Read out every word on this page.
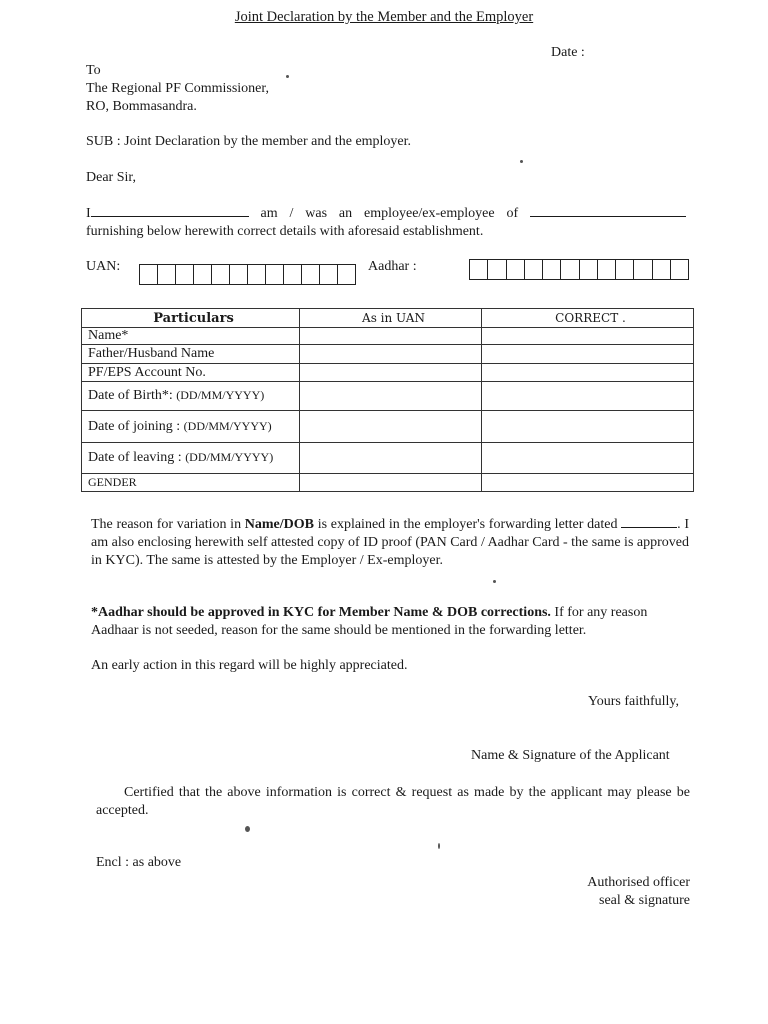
Joint Declaration by the Member and the Employer
Date :
To
The Regional PF Commissioner,
RO, Bommasandra.
SUB : Joint Declaration by the member and the employer.
Dear Sir,
I	am / was an employee/ex-employee of  furnishing below herewith correct details with aforesaid establishment.
UAN:	Aadhar :
Particulars	As in UAN	CORRECT .
Name*		
Father/Husband Name		
PF/EPS Account No.		
Date of Birth*: (DD/MM/YYYY)		
Date of joining : (DD/MM/YYYY)		
Date of leaving : (DD/MM/YYYY)		
GENDER		
The reason for variation in Name/DOB is explained in the employer's forwarding letter dated	. I am also enclosing herewith self attested copy of ID proof (PAN Card / Aadhar Card - the same is approved in KYC). The same is attested by the Employer / Ex-employer.
*Aadhar should be approved in KYC for Member Name & DOB corrections. If for any reason Aadhaar is not seeded, reason for the same should be mentioned in the forwarding letter.
An early action in this regard will be highly appreciated.
Yours faithfully,
Name & Signature of the Applicant
Certified that the above information is correct & request as made by the applicant may please be accepted.
Encl : as above
Authorised officer
seal & signature
